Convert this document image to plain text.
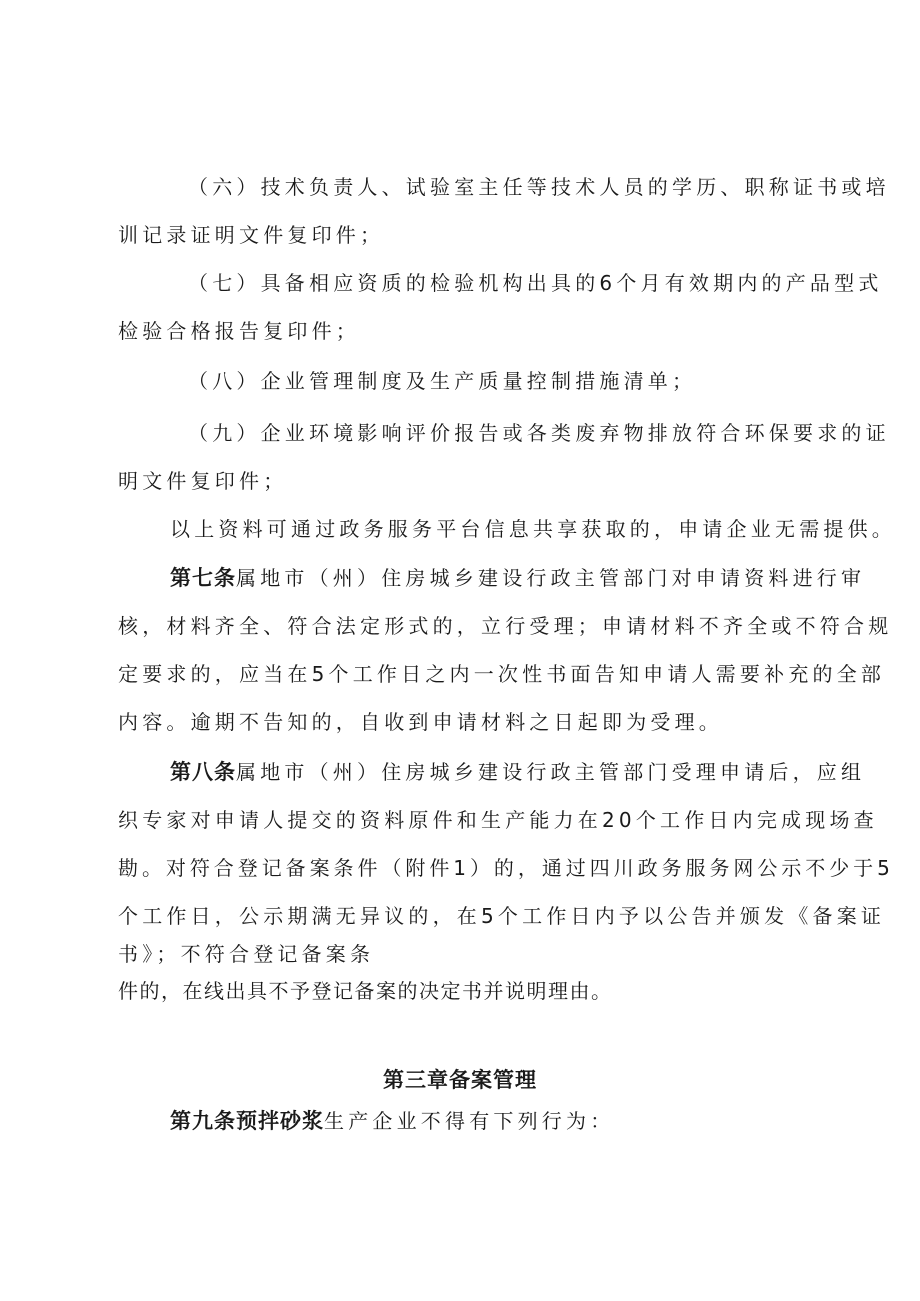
（六）技术负责人、试验室主任等技术人员的学历、职称证书或培
训记录证明文件复印件；
（七）具备相应资质的检验机构出具的6个月有效期内的产品型式
检验合格报告复印件；
（八）企业管理制度及生产质量控制措施清单；
（九）企业环境影响评价报告或各类废弃物排放符合环保要求的证
明文件复印件；
以上资料可通过政务服务平台信息共享获取的，申请企业无需提供。
第七条属地市（州）住房城乡建设行政主管部门对申请资料进行审
核，材料齐全、符合法定形式的，立行受理；申请材料不齐全或不符合规
定要求的，应当在5个工作日之内一次性书面告知申请人需要补充的全部
内容。逾期不告知的，自收到申请材料之日起即为受理。
第八条属地市（州）住房城乡建设行政主管部门受理申请后，应组
织专家对申请人提交的资料原件和生产能力在20个工作日内完成现场查
勘。对符合登记备案条件（附件1）的，通过四川政务服务网公示不少于5
个工作日，公示期满无异议的，在5个工作日内予以公告并颁发《备案证
书》；不符合登记备案条
件的，在线出具不予登记备案的决定书并说明理由。
第三章备案管理
第九条预拌砂浆生产企业不得有下列行为：
